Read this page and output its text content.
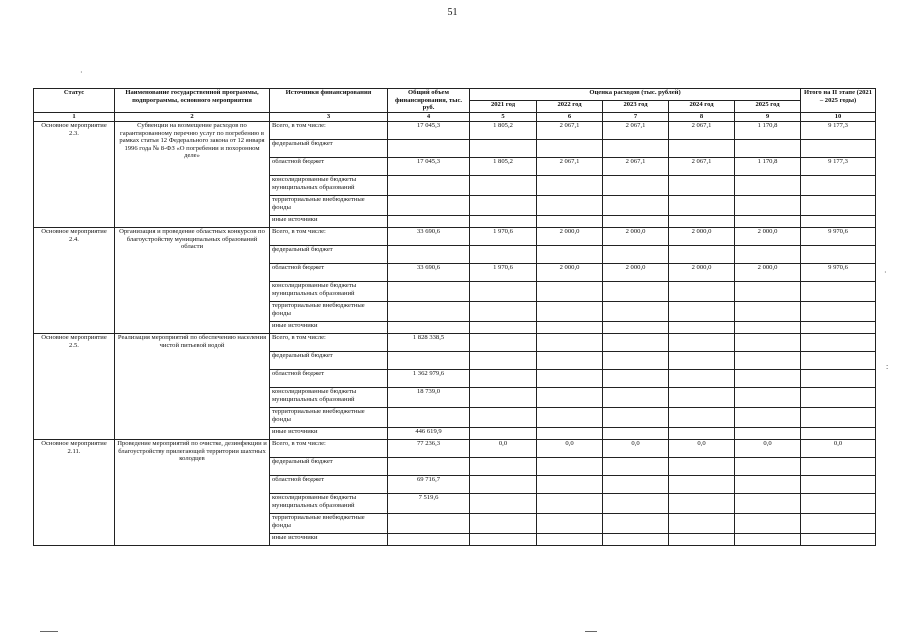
51
·
·
:
Статус	Наименование государственной программы, подпрограммы, основного мероприятия	Источники финансирования	Общий объем финансирования, тыс. руб.	Оценка расходов (тыс. рублей)					Итого на II этапе (2021 – 2025 годы)
				2021 год	2022 год	2023 год	2024 год	2025 год	
1	2	3	4	5	6	7	8	9	10
Основное мероприятие 2.3.	Субвенции на возмещение расходов по гарантированному перечню услуг по погребению в рамках статьи 12 Федерального закона от 12 января 1996 года № 8-ФЗ «О погребении и похоронном деле»	Всего, в том числе:	17 045,3	1 805,2	2 067,1	2 067,1	2 067,1	1 170,8	9 177,3
		федеральный бюджет							
		областной бюджет	17 045,3	1 805,2	2 067,1	2 067,1	2 067,1	1 170,8	9 177,3
		консолидированные бюджеты муниципальных образований							
		территориальные внебюджетные фонды							
		иные источники							
Основное мероприятие 2.4.	Организация и проведение областных конкурсов по благоустройству муниципальных образований области	Всего, в том числе:	33 690,6	1 970,6	2 000,0	2 000,0	2 000,0	2 000,0	9 970,6
		федеральный бюджет							
		областной бюджет	33 690,6	1 970,6	2 000,0	2 000,0	2 000,0	2 000,0	9 970,6
		консолидированные бюджеты муниципальных образований							
		территориальные внебюджетные фонды							
		иные источники							
Основное мероприятие 2.5.	Реализация мероприятий по обеспечению населения чистой питьевой водой	Всего, в том числе:	1 828 338,5						
		федеральный бюджет							
		областной бюджет	1 362 979,6						
		консолидированные бюджеты муниципальных образований	18 739,0						
		территориальные внебюджетные фонды							
		иные источники	446 619,9						
Основное мероприятие 2.11.	Проведение мероприятий по очистке, дезинфекции и благоустройству прилегающей территории шахтных колодцев	Всего, в том числе:	77 236,3	0,0	0,0	0,0	0,0	0,0	0,0
		федеральный бюджет							
		областной бюджет	69 716,7						
		консолидированные бюджеты муниципальных образований	7 519,6						
		территориальные внебюджетные фонды							
		иные источники							
